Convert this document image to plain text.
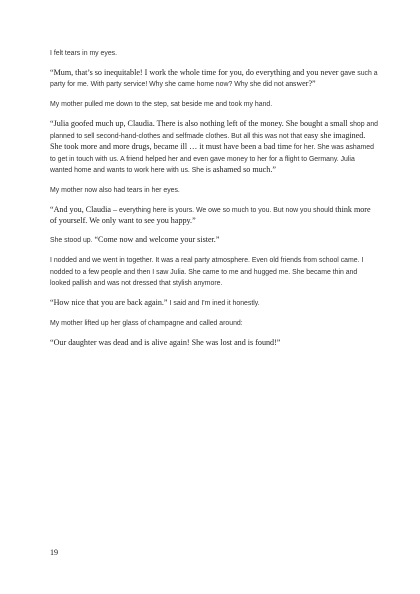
I felt tears in my eyes.

“Mum, that’s so inequitable! I work the whole time for you, do everything and you never gave such a party for me. With party service! Why she came home now? Why she did not answer?”

My mother pulled me down to the step, sat beside me and took my hand.

“Julia goofed much up, Claudia. There is also nothing left of the money. She bought a small shop and planned to sell second-hand-clothes and selfmade clothes. But all this was not that easy she imagined. She took more and more drugs, became ill … it must have been a bad time for her. She was ashamed to get in touch with us. A friend helped her and even gave money to her for a flight to Germany. Julia wanted home and wants to work here with us. She is ashamed so much.”

My mother now also had tears in her eyes.

“And you, Claudia – everything here is yours. We owe so much to you. But now you should think more of yourself. We only want to see you happy.”

She stood up. “Come now and welcome your sister.”

I nodded and we went in together. It was a real party atmosphere. Even old friends from school came. I nodded to a few people and then I saw Julia. She came to me and hugged me. She became thin and looked pallish and was not dressed that stylish anymore.

“How nice that you are back again.” I said and I'm ined it honestly.

My mother lifted up her glass of champagne and called around:

“Our daughter was dead and is alive again! She was lost and is found!”

19
